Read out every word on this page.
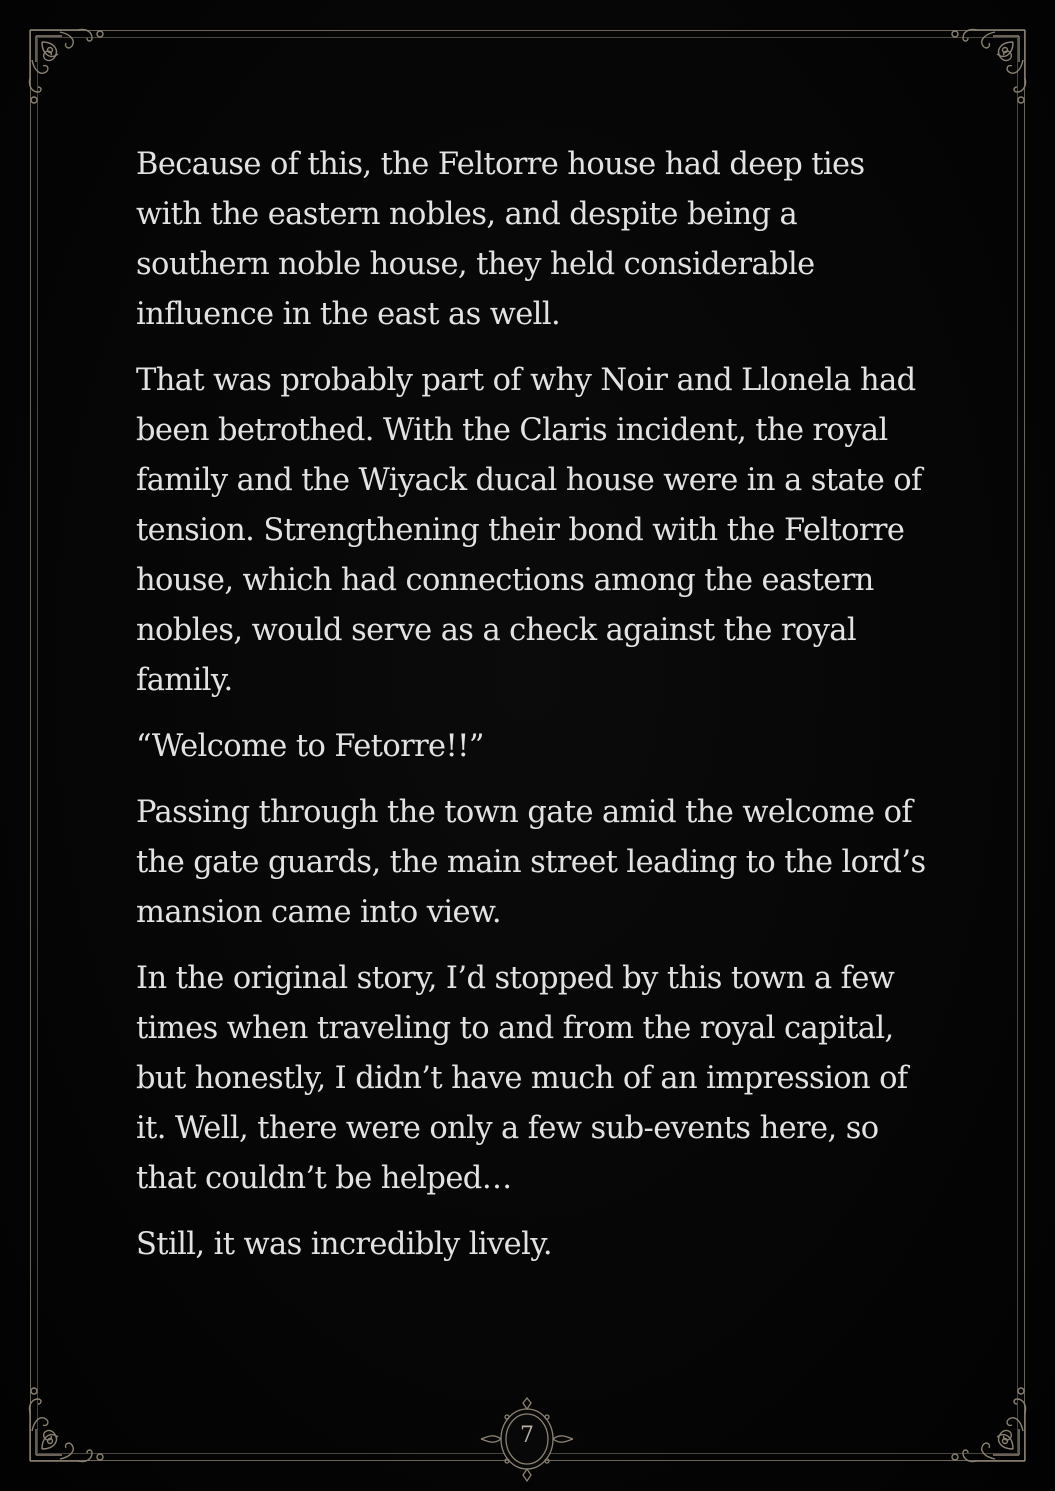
Because of this, the Feltorre house had deep ties with the eastern nobles, and despite being a southern noble house, they held considerable influence in the east as well.

That was probably part of why Noir and Llonela had been betrothed. With the Claris incident, the royal family and the Wiyack ducal house were in a state of tension. Strengthening their bond with the Feltorre house, which had connections among the eastern nobles, would serve as a check against the royal family.

“Welcome to Fetorre!!”

Passing through the town gate amid the welcome of the gate guards, the main street leading to the lord’s mansion came into view.

In the original story, I’d stopped by this town a few times when traveling to and from the royal capital, but honestly, I didn’t have much of an impression of it. Well, there were only a few sub-events here, so that couldn’t be helped…

Still, it was incredibly lively.

7
